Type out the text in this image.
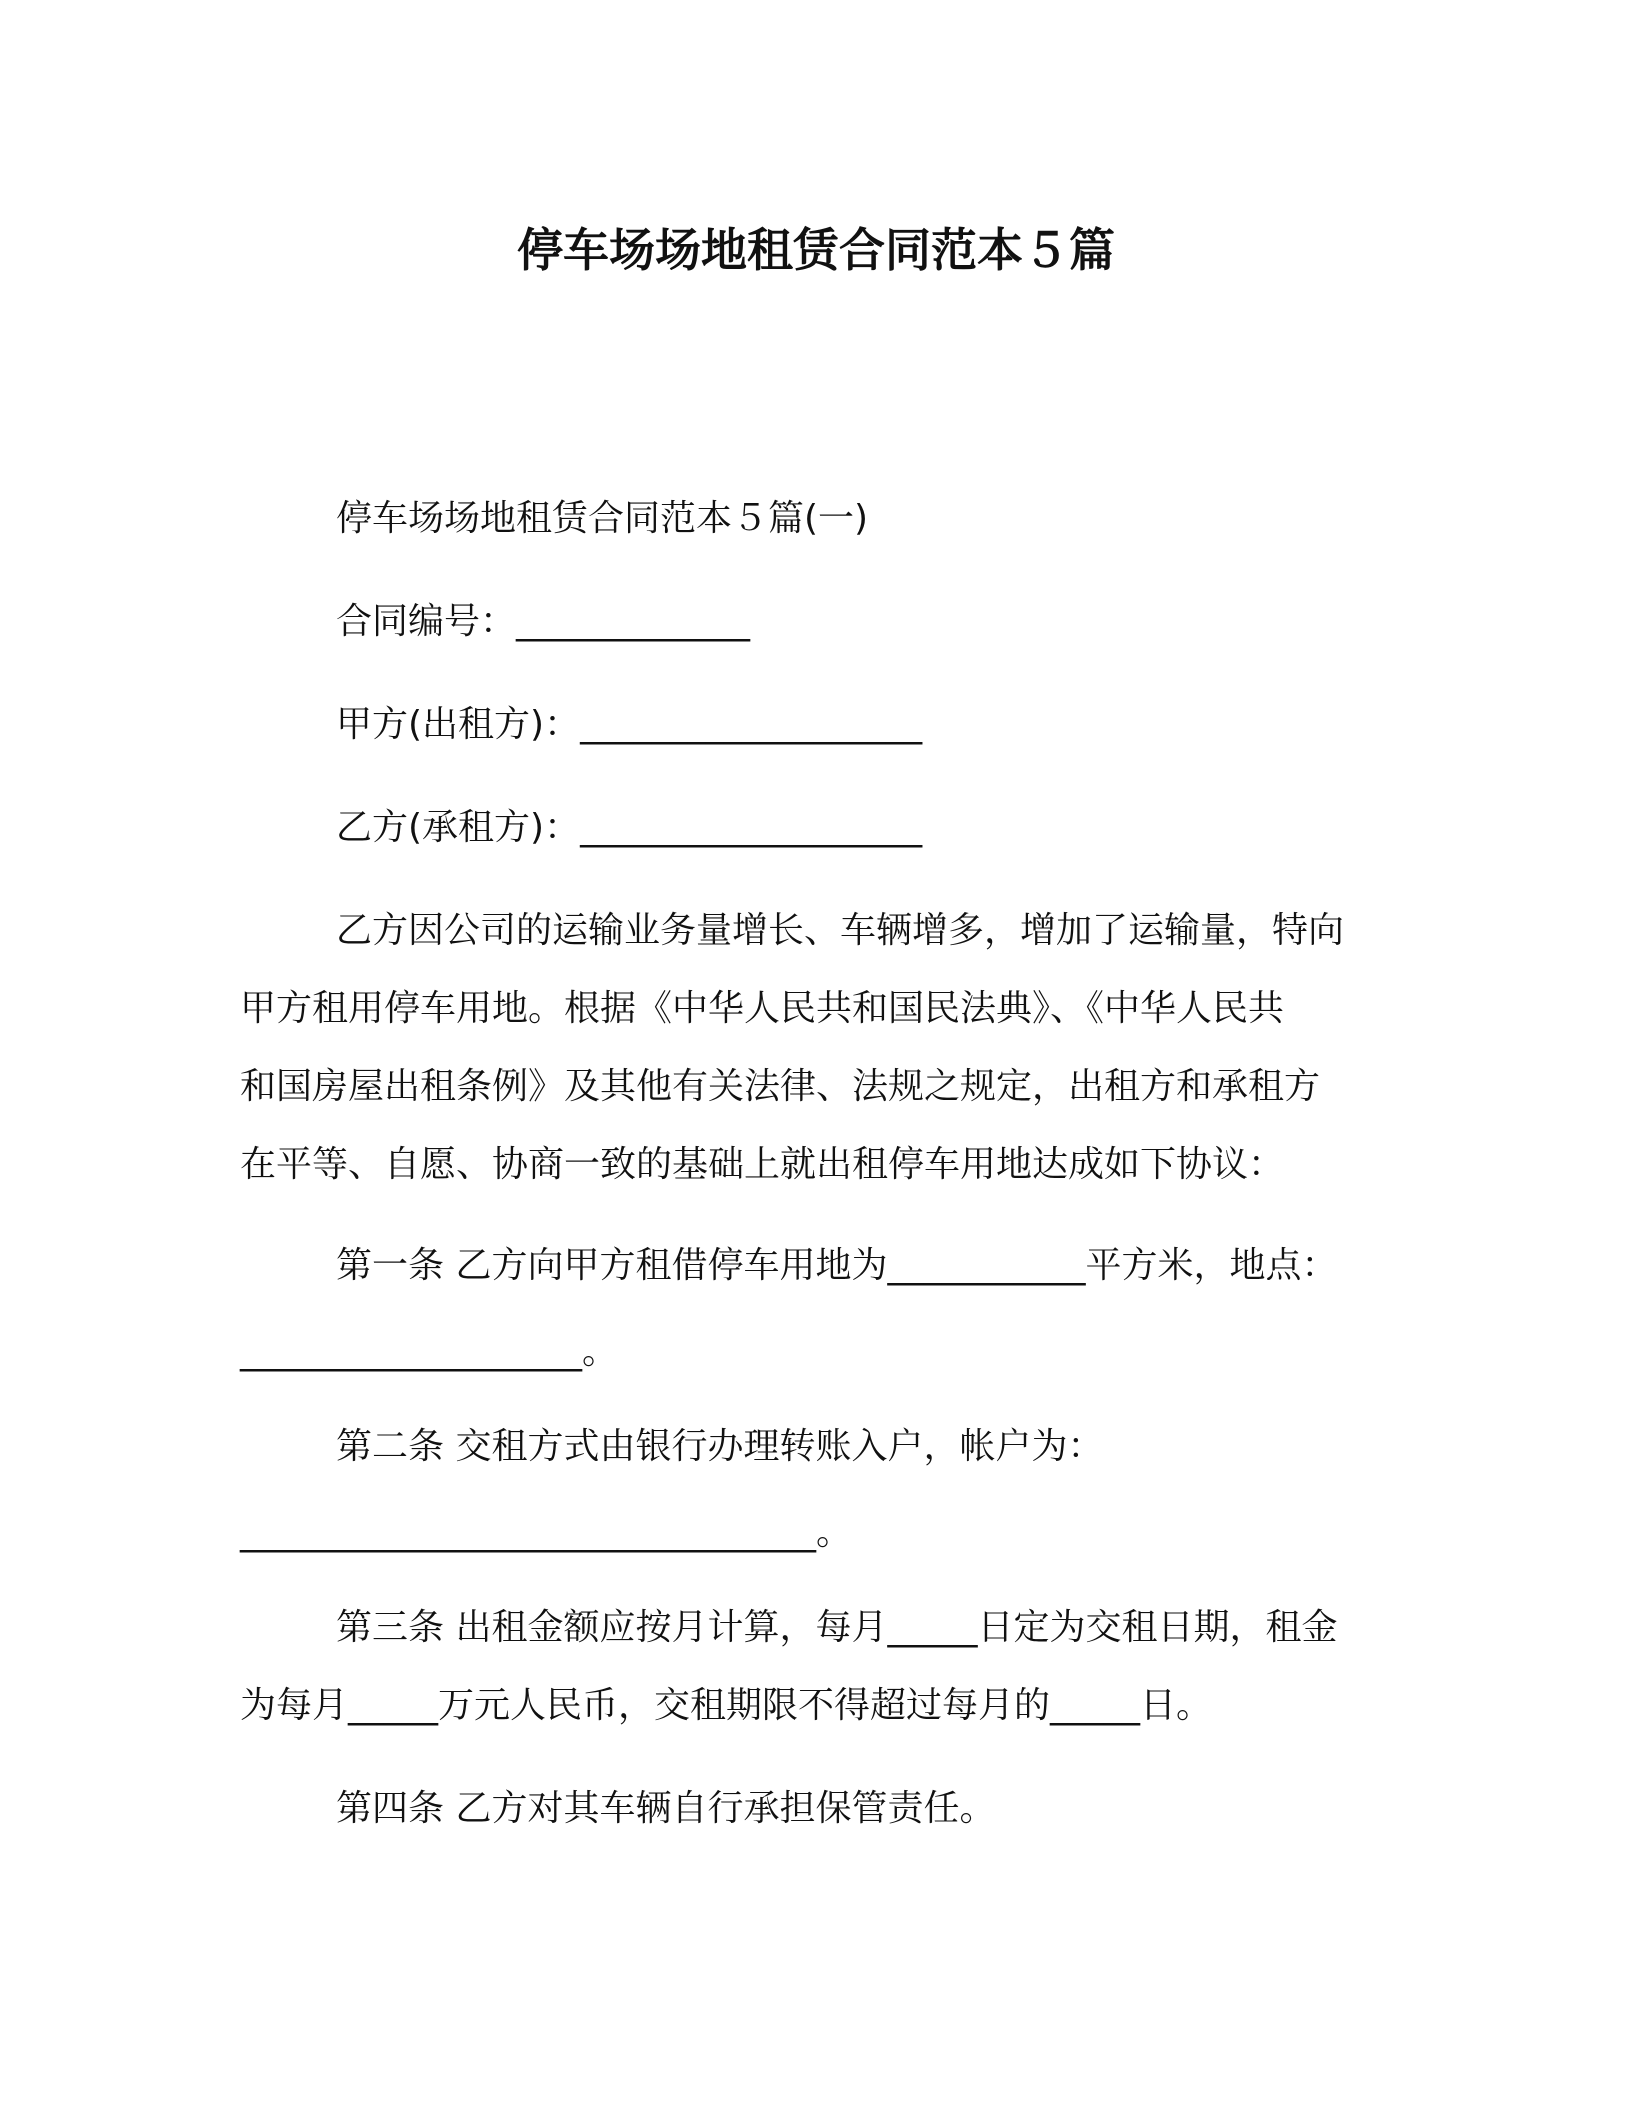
停车场场地租赁合同范本５篇

停车场场地租赁合同范本５篇(一)

合同编号：_____________

甲方(出租方)：___________________

乙方(承租方)：___________________

乙方因公司的运输业务量增长、车辆增多，增加了运输量，特向
甲方租用停车用地。根据《中华人民共和国民法典》、《中华人民共
和国房屋出租条例》及其他有关法律、法规之规定，出租方和承租方
在平等、自愿、协商一致的基础上就出租停车用地达成如下协议：

第一条 乙方向甲方租借停车用地为___________平方米，地点：
___________________。

第二条 交租方式由银行办理转账入户，帐户为：
________________________________。

第三条 出租金额应按月计算，每月_____日定为交租日期，租金
为每月_____万元人民币，交租期限不得超过每月的_____日。

第四条 乙方对其车辆自行承担保管责任。
